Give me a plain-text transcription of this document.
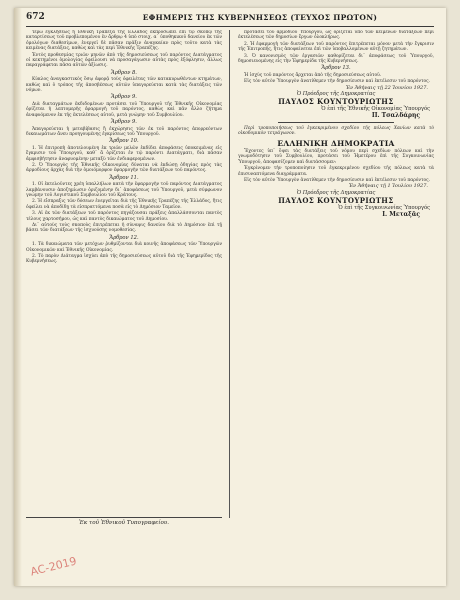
672	ΕΦΗΜΕΡΙΣ ΤΗΣ ΚΥΒΕΡΝΗΣΕΩΣ (ΤΕΥΧΟΣ ΠΡΩΤΟΝ)

τέρω ἐγκλήσεως ἡ Ἐθνικὴ Τράπεζα τῆς Ἑλλάδος ἐκπροσωπεῖ ἐπὶ τῷ σκοπῷ τῆς καταρτίσεως τοῦ προβλεπομένου ἐν ἄρθρῳ 4 ὑπὸ στοιχ. α΄ ὑποθηκικοῦ δανείου ἐκ τῶν ὁμολόγων διαθεσίμων, ἐνεργεῖ δὲ πᾶσαν πρᾶξιν ἀναγκαίαν πρὸς τοῦτο κατὰ τὰς κειμένας διατάξεις, καθὼς καὶ τὰς περὶ Ἐθνικῆς Τραπέζης.

Ἐντὸς προθεσμίας τριῶν μηνῶν ἀπὸ τῆς δημοσιεύσεως τοῦ παρόντος Διατάγματος οἱ κεκτημένοι ὁμολογίας ὀφείλουσι νὰ προσαγάγωσιν αὐτὰς πρὸς ἐξόφλησιν, ἄλλως παραγράφεται πᾶσα αὐτῶν ἀξίωσις.

Ἄρθρον 8.

Κύκλος ἀναγκαστικὸς ὅσῳ ἀφορᾷ τοὺς ὀφειλέτας τῶν κατακυρωθέντων κτημάτων, καθὼς καὶ ὁ τρόπος τῆς ἀποσβέσεως αὐτῶν ὑπαγορεύεται κατὰ τὰς διατάξεις τῶν νόμων.

Ἄρθρον 9.

Διὰ διαταγμάτων ἐκδιδομένων προτάσει τοῦ Ὑπουργοῦ τῆς Ἐθνικῆς Οἰκονομίας ὁρίζεται ἡ λεπτομερὴς ἐφαρμογὴ τοῦ παρόντος, καθὼς καὶ πᾶν ἄλλο ζήτημα ἀναφυόμενον ἐκ τῆς ἐκτελέσεως αὐτοῦ, μετὰ γνώμην τοῦ Συμβουλίου.

Ἄρθρον 9.

Ἀπαγορεύεται ἡ μεταβίβασις ἢ ἐκχώρησις τῶν ἐκ τοῦ παρόντος ἀπορρεόντων δικαιωμάτων ἄνευ προηγουμένης ἐγκρίσεως τοῦ Ὑπουργοῦ.

Ἄρθρον 10.

1. Ἡ ἐπιτροπὴ ἀποτελουμένη ἐκ τριῶν μελῶν ἐκδίδει ἀποφάσεις ὑποκειμένας εἰς ἔγκρισιν τοῦ Ὑπουργοῦ, καθ᾽ ἃ ὁρίζεται ἐν τῷ παρόντι Διατάγματι, διὰ πᾶσαν ἀμφισβήτησιν ἀναφυομένην μεταξὺ τῶν ἐνδιαφερομένων.

2. Ὁ Ὑπουργὸς τῆς Ἐθνικῆς Οἰκονομίας δύναται νὰ ἐκδώσῃ ὁδηγίας πρὸς τὰς ἁρμοδίους ἀρχὰς διὰ τὴν ὁμοιόμορφον ἐφαρμογὴν τῶν διατάξεων τοῦ παρόντος.

Ἄρθρον 11.

1. Οἱ ἐκτελοῦντες χρέη ὑπαλλήλων κατὰ τὴν ἐφαρμογὴν τοῦ παρόντος Διατάγματος λαμβάνουσιν ἀποζημίωσιν ὁριζομένην δι᾽ ἀποφάσεως τοῦ Ὑπουργοῦ, μετὰ σύμφωνον γνώμην τοῦ Λογιστικοῦ Συμβουλίου τοῦ Κράτους.

2. Ἡ εἴσπραξις τῶν δόσεων ἐνεργεῖται διὰ τῆς Ἐθνικῆς Τραπέζης τῆς Ἑλλάδος, ἥτις ὀφείλει νὰ ἀποδίδῃ τὰ εἰσπραττόμενα ποσὰ εἰς τὸ Δημόσιον Ταμεῖον.

3. Αἱ ἐκ τῶν διατάξεων τοῦ παρόντος πηγάζουσαι πράξεις ἀπαλλάσσονται παντὸς τέλους χαρτοσήμου, ὡς καὶ παντὸς δικαιώματος τοῦ Δημοσίου.

Δι᾽ αὐτοὺς τοὺς σκοποὺς ἐπιτρέπεται ἡ σύναψις δανείου διὰ τὸ Δημόσιον ἐπὶ τῇ βάσει τῶν διατάξεων τῆς ἰσχυούσης νομοθεσίας.

Ἄρθρον 12.

1. Τὰ δικαιώματα τῶν μετόχων ῥυθμίζονται διὰ κοινῆς ἀποφάσεως τῶν Ὑπουργῶν Οἰκονομικῶν καὶ Ἐθνικῆς Οἰκονομίας.

2. Τὸ παρὸν Διάταγμα ἰσχύει ἀπὸ τῆς δημοσιεύσεως αὐτοῦ διὰ τῆς Ἐφημερίδος τῆς Κυβερνήσεως.

Ἐκ τοῦ Ἐθνικοῦ Τυπογραφείου.

προτάσει τοῦ ἁρμοδίου Ὑπουργοῦ, ὡς ὁρίζεται ὑπὸ τῶν κειμένων διατάξεων περὶ ἐκτελέσεως τῶν δημοσίων ἔργων ὁλοκλήρως.

2. Ἡ ἐφαρμογὴ τῶν διατάξεων τοῦ παρόντος ἐπιτρέπεται μόνον μετὰ τὴν ἔγκρισιν τῆς Ἐπιτροπῆς, ἥτις ἀποφαίνεται ἐπὶ τῶν ὑποβαλλομένων αὐτῇ ζητημάτων.

3. Ὁ κανονισμὸς τῶν ἐργασιῶν καθορίζεται δι᾽ ἀποφάσεως τοῦ Ὑπουργοῦ, δημοσιευομένης εἰς τὴν Ἐφημερίδα τῆς Κυβερνήσεως.

Ἄρθρον 13.

Ἡ ἰσχὺς τοῦ παρόντος ἄρχεται ἀπὸ τῆς δημοσιεύσεως αὐτοῦ.

Εἰς τὸν αὐτὸν Ὑπουργὸν ἀνατίθεμεν τὴν δημοσίευσιν καὶ ἐκτέλεσιν τοῦ παρόντος.

Ἐν Ἀθήναις τῇ 22 Ἰουνίου 1927.
Ὁ Πρόεδρος τῆς Δημοκρατίας
ΠΑΥΛΟΣ ΚΟΥΝΤΟΥΡΙΩΤΗΣ
Ὁ ἐπὶ τῆς Ἐθνικῆς Οἰκονομίας Ὑπουργός
Π. Τσαλδάρης

Περὶ τροποποιήσεως τοῦ ἐγκεκριμένου σχεδίου τῆς πόλεως Χανίων κατὰ τὸ οἰκοδομικὸν τετράγωνον.

ΕΛΛΗΝΙΚΗ ΔΗΜΟΚΡΑΤΙΑ

Ἔχοντες ὑπ᾽ ὄψει τὰς διατάξεις τοῦ νόμου περὶ σχεδίων πόλεων καὶ τὴν γνωμοδότησιν τοῦ Συμβουλίου, προτάσει τοῦ Ἡμετέρου ἐπὶ τῆς Συγκοινωνίας Ὑπουργοῦ, ἀποφασίζομεν καὶ διατάσσομεν:

Ἐγκρίνομεν τὴν τροποποίησιν τοῦ ἐγκεκριμένου σχεδίου τῆς πόλεως κατὰ τὰ ἐπισυναπτόμενα διαγράμματα.

Εἰς τὸν αὐτὸν Ὑπουργὸν ἀνατίθεμεν τὴν δημοσίευσιν καὶ ἐκτέλεσιν τοῦ παρόντος.

Ἐν Ἀθήναις τῇ 1 Ἰουλίου 1927.
Ὁ Πρόεδρος τῆς Δημοκρατίας
ΠΑΥΛΟΣ ΚΟΥΝΤΟΥΡΙΩΤΗΣ
Ὁ ἐπὶ τῆς Συγκοινωνίας Ὑπουργός
Ι. Μεταξᾶς
AC-2019
